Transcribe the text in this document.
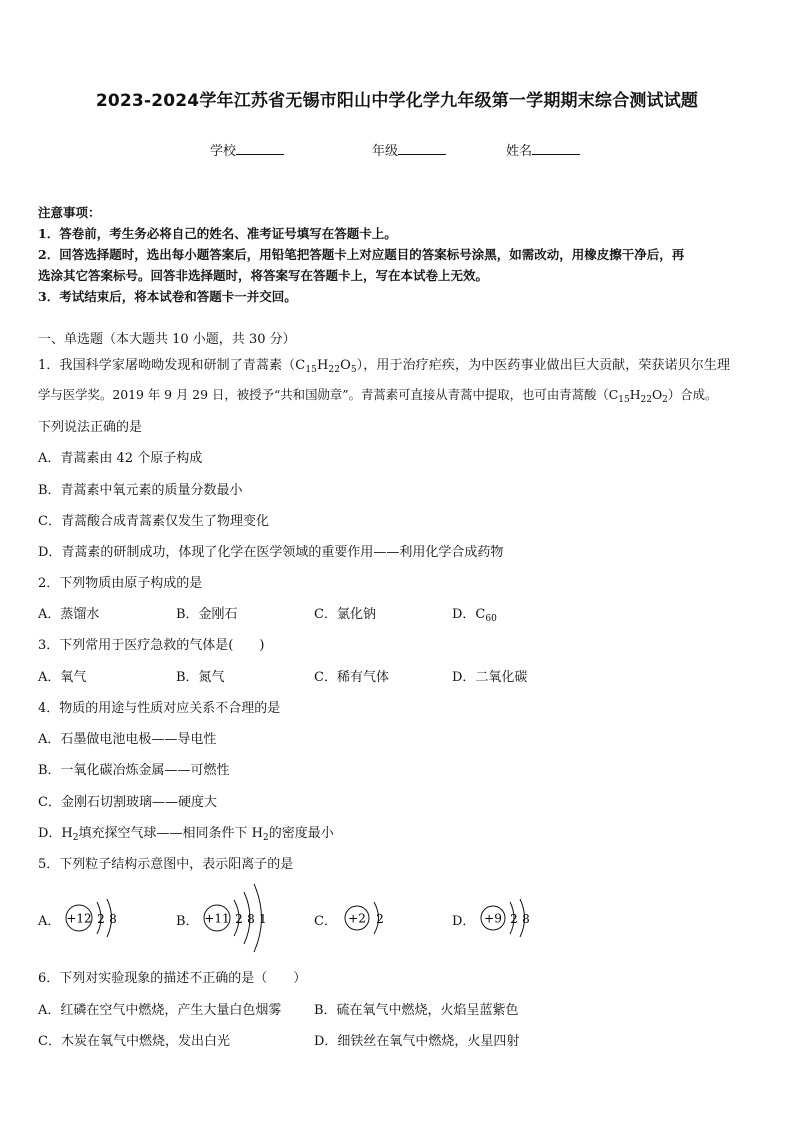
2023-2024学年江苏省无锡市阳山中学化学九年级第一学期期末综合测试试题
学校	年级	姓名
注意事项：
1．答卷前，考生务必将自己的姓名、准考证号填写在答题卡上。
2．回答选择题时，选出每小题答案后，用铅笔把答题卡上对应题目的答案标号涂黑，如需改动，用橡皮擦干净后，再
选涂其它答案标号。回答非选择题时，将答案写在答题卡上，写在本试卷上无效。
3．考试结束后，将本试卷和答题卡一并交回。
一、单选题（本大题共 10 小题，共 30 分）
1．我国科学家屠呦呦发现和研制了青蒿素$(C_{15}H_{22}O_5)$，用于治疗疟疾，为中医药事业做出巨大贡献，荣获诺贝尔生理
学与医学奖。2019 年 9 月 29 日，被授予“共和国勋章”。青蒿素可直接从青蒿中提取，也可由青蒿酸$(C_{15}H_{22}O_2)$合成。
下列说法正确的是
A．青蒿素由 42 个原子构成
B．青蒿素中氧元素的质量分数最小
C．青蒿酸合成青蒿素仅发生了物理变化
D．青蒿素的研制成功，体现了化学在医学领域的重要作用——利用化学合成药物
2．下列物质由原子构成的是
A．蒸馏水	B．金刚石	C．氯化钠	D．$C_{60}$
3．下列常用于医疗急救的气体是(　　)
A．氧气	B．氮气	C．稀有气体	D．二氧化碳
4．物质的用途与性质对应关系不合理的是
A．石墨做电池电极——导电性
B．一氧化碳冶炼金属——可燃性
C．金刚石切割玻璃——硬度大
D．$H_2$填充探空气球——相同条件下 $H_2$的密度最小
5．下列粒子结构示意图中，表示阳离子的是
A． +12 2 8	B． +11 2 8 1	C． +2 2	D． +9 2 8
6．下列对实验现象的描述不正确的是（　　）
A．红磷在空气中燃烧，产生大量白色烟雾	B．硫在氧气中燃烧，火焰呈蓝紫色
C．木炭在氧气中燃烧，发出白光	D．细铁丝在氧气中燃烧，火星四射
